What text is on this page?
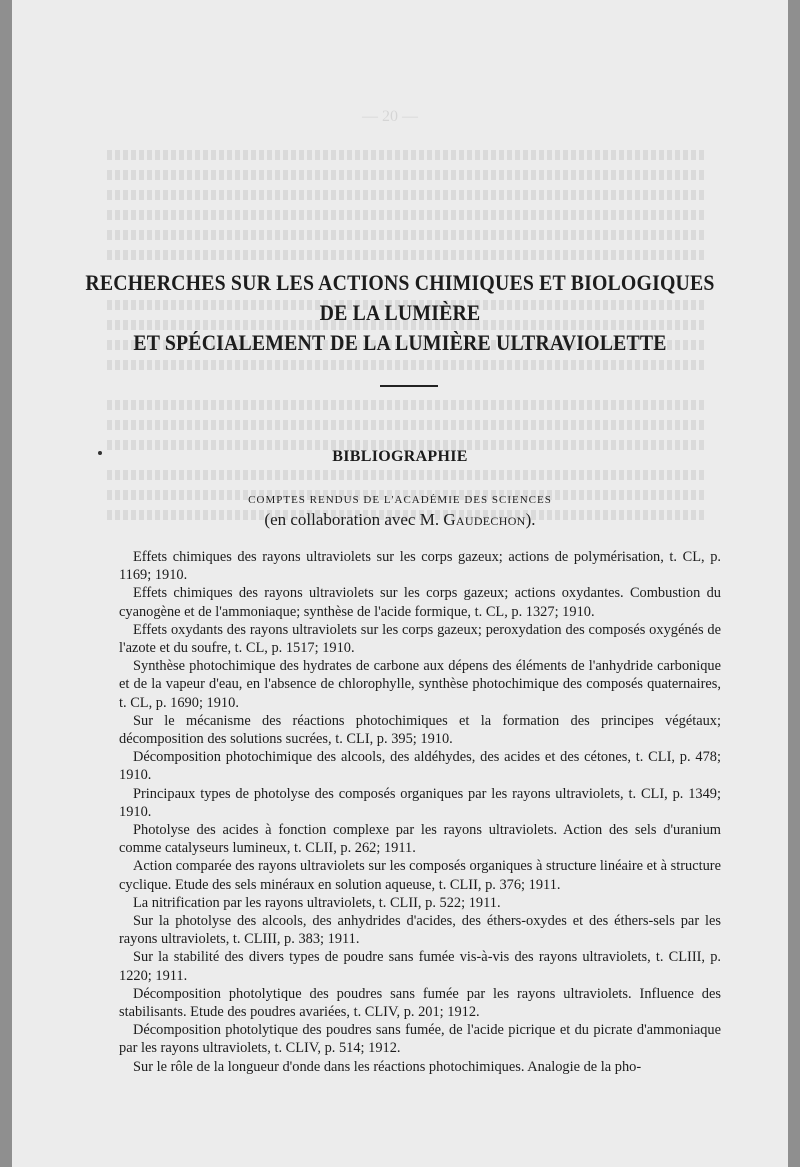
— 20 —
RECHERCHES SUR LES ACTIONS CHIMIQUES ET BIOLOGIQUES
DE LA LUMIÈRE
ET SPÉCIALEMENT DE LA LUMIÈRE ULTRAVIOLETTE
BIBLIOGRAPHIE
COMPTES RENDUS DE L'ACADÉMIE DES SCIENCES
(en collaboration avec M. Gaudechon).

Effets chimiques des rayons ultraviolets sur les corps gazeux; actions de polymérisation, t. CL, p. 1169; 1910.

Effets chimiques des rayons ultraviolets sur les corps gazeux; actions oxydantes. Combustion du cyanogène et de l'ammoniaque; synthèse de l'acide formique, t. CL, p. 1327; 1910.

Effets oxydants des rayons ultraviolets sur les corps gazeux; peroxydation des composés oxygénés de l'azote et du soufre, t. CL, p. 1517; 1910.

Synthèse photochimique des hydrates de carbone aux dépens des éléments de l'anhydride carbonique et de la vapeur d'eau, en l'absence de chlorophylle, synthèse photochimique des composés quaternaires, t. CL, p. 1690; 1910.

Sur le mécanisme des réactions photochimiques et la formation des principes végétaux; décomposition des solutions sucrées, t. CLI, p. 395; 1910.

Décomposition photochimique des alcools, des aldéhydes, des acides et des cétones, t. CLI, p. 478; 1910.

Principaux types de photolyse des composés organiques par les rayons ultraviolets, t. CLI, p. 1349; 1910.

Photolyse des acides à fonction complexe par les rayons ultraviolets. Action des sels d'uranium comme catalyseurs lumineux, t. CLII, p. 262; 1911.

Action comparée des rayons ultraviolets sur les composés organiques à structure linéaire et à structure cyclique. Etude des sels minéraux en solution aqueuse, t. CLII, p. 376; 1911.

La nitrification par les rayons ultraviolets, t. CLII, p. 522; 1911.

Sur la photolyse des alcools, des anhydrides d'acides, des éthers-oxydes et des éthers-sels par les rayons ultraviolets, t. CLIII, p. 383; 1911.

Sur la stabilité des divers types de poudre sans fumée vis-à-vis des rayons ultraviolets, t. CLIII, p. 1220; 1911.

Décomposition photolytique des poudres sans fumée par les rayons ultraviolets. Influence des stabilisants. Etude des poudres avariées, t. CLIV, p. 201; 1912.

Décomposition photolytique des poudres sans fumée, de l'acide picrique et du picrate d'ammoniaque par les rayons ultraviolets, t. CLIV, p. 514; 1912.

Sur le rôle de la longueur d'onde dans les réactions photochimiques. Analogie de la pho-
